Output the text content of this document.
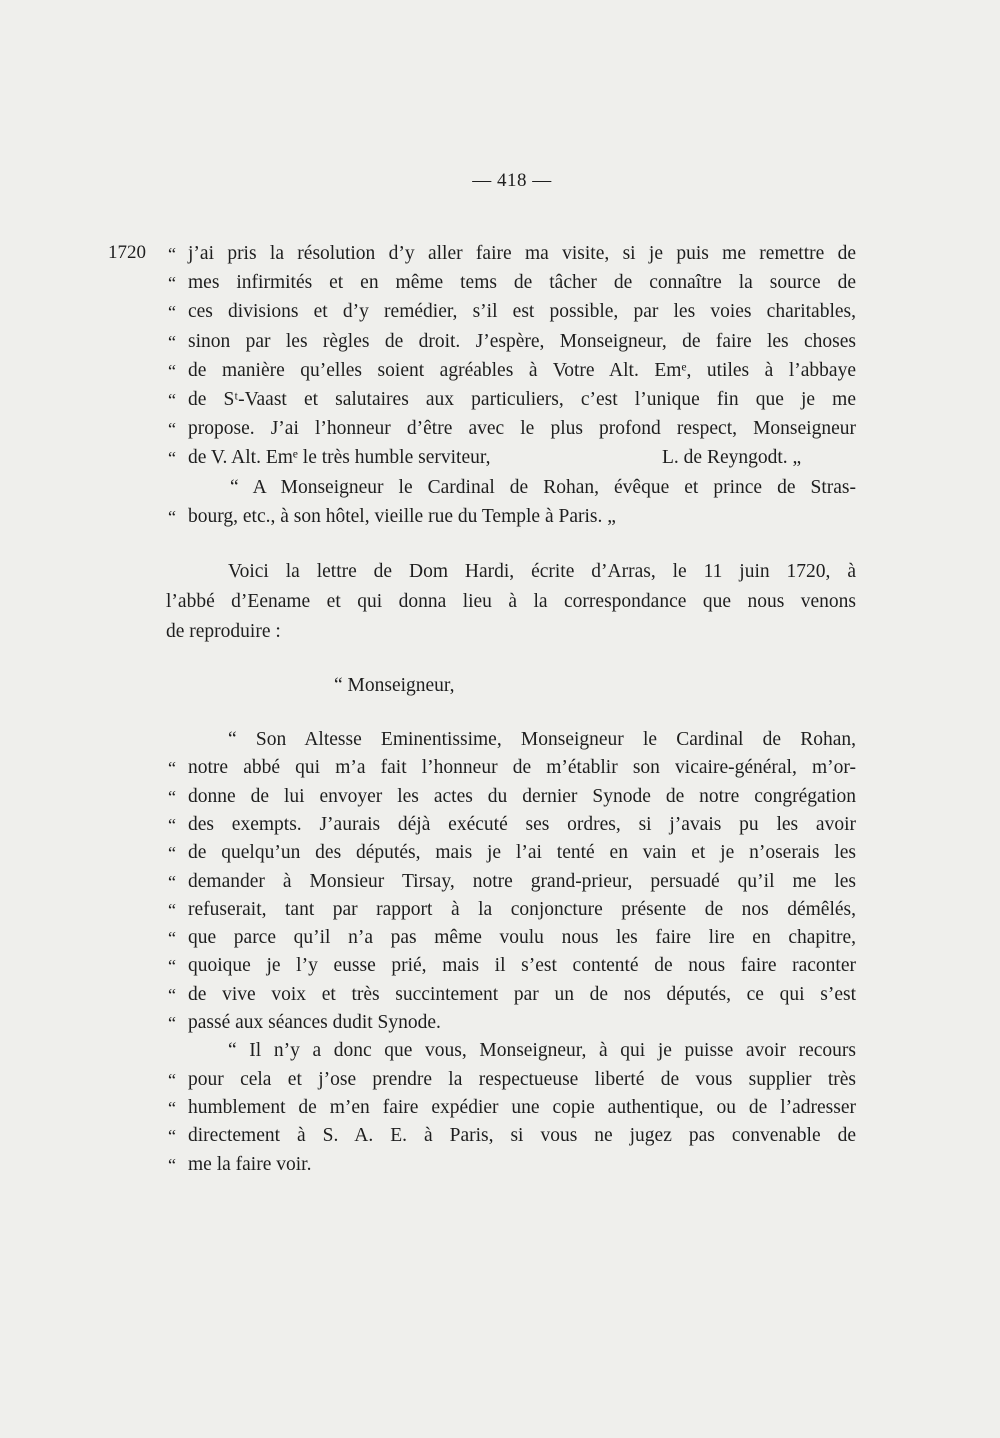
— 418 —
1720 “ j’ai pris la résolution d’y aller faire ma visite, si je puis me remettre de
“ mes infirmités et en même tems de tâcher de connaître la source de
“ ces divisions et d’y remédier, s’il est possible, par les voies charitables,
“ sinon par les règles de droit. J’espère, Monseigneur, de faire les choses
“ de manière qu’elles soient agréables à Votre Alt. Emᵉ, utiles à l’abbaye
“ de Sᵗ-Vaast et salutaires aux particuliers, c’est l’unique fin que je me
“ propose. J’ai l’honneur d’être avec le plus profond respect, Monseigneur
“ de V. Alt. Emᵉ le très humble serviteur,	L. de Reyngodt. „
“ A Monseigneur le Cardinal de Rohan, évêque et prince de Stras-
“ bourg, etc., à son hôtel, vieille rue du Temple à Paris. „
Voici la lettre de Dom Hardi, écrite d’Arras, le 11 juin 1720, à
l’abbé d’Eename et qui donna lieu à la correspondance que nous venons
de reproduire :
“ Monseigneur,
“ Son Altesse Eminentissime, Monseigneur le Cardinal de Rohan,
“ notre abbé qui m’a fait l’honneur de m’établir son vicaire-général, m’or-
“ donne de lui envoyer les actes du dernier Synode de notre congrégation
“ des exempts. J’aurais déjà exécuté ses ordres, si j’avais pu les avoir
“ de quelqu’un des députés, mais je l’ai tenté en vain et je n’oserais les
“ demander à Monsieur Tirsay, notre grand-prieur, persuadé qu’il me les
“ refuserait, tant par rapport à la conjoncture présente de nos démêlés,
“ que parce qu’il n’a pas même voulu nous les faire lire en chapitre,
“ quoique je l’y eusse prié, mais il s’est contenté de nous faire raconter
“ de vive voix et très succintement par un de nos députés, ce qui s’est
“ passé aux séances dudit Synode.
“ Il n’y a donc que vous, Monseigneur, à qui je puisse avoir recours
“ pour cela et j’ose prendre la respectueuse liberté de vous supplier très
“ humblement de m’en faire expédier une copie authentique, ou de l’adresser
“ directement à S. A. E. à Paris, si vous ne jugez pas convenable de
“ me la faire voir.
